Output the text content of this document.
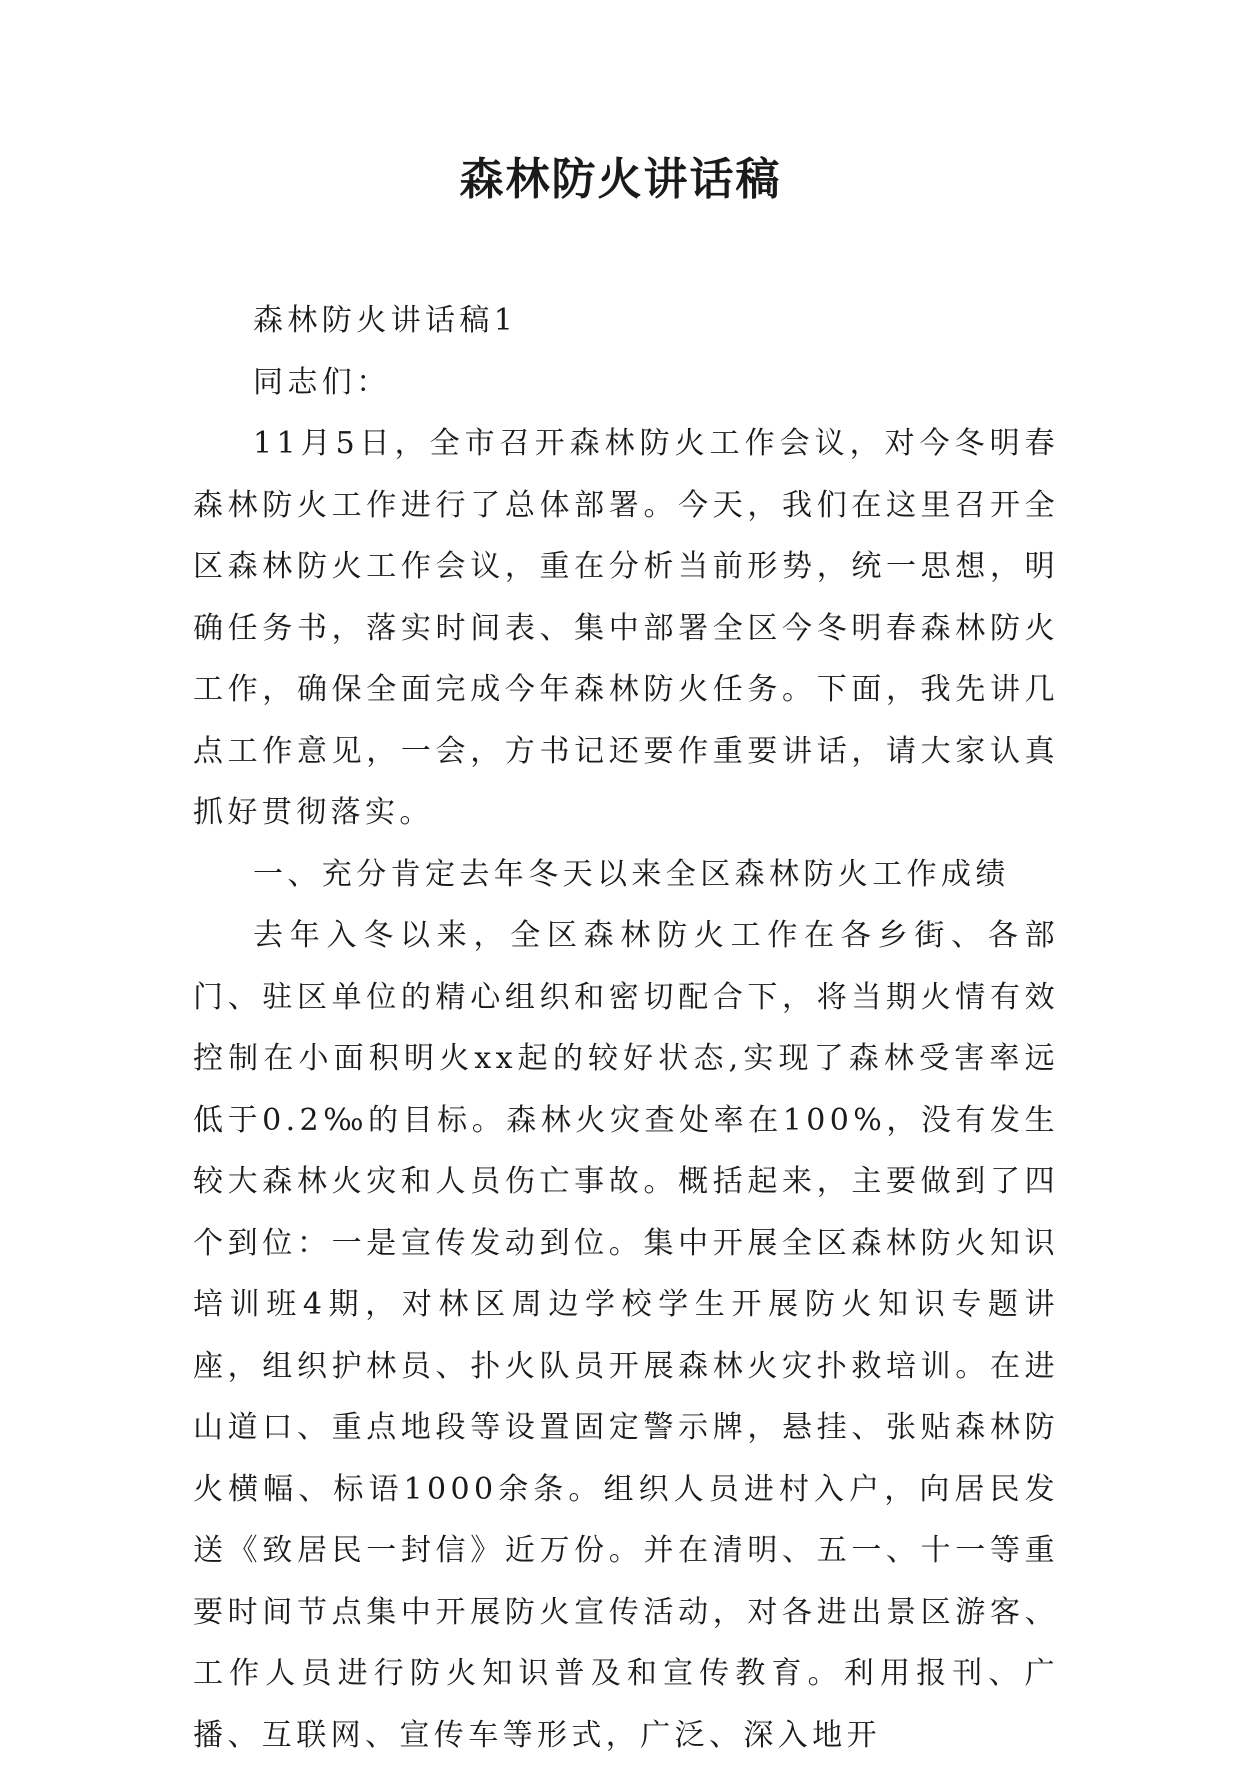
森林防火讲话稿

森林防火讲话稿1

同志们：

11月5日，全市召开森林防火工作会议，对今冬明春森林防火工作进行了总体部署。今天，我们在这里召开全区森林防火工作会议，重在分析当前形势，统一思想，明确任务书，落实时间表、集中部署全区今冬明春森林防火工作，确保全面完成今年森林防火任务。下面，我先讲几点工作意见，一会，方书记还要作重要讲话，请大家认真抓好贯彻落实。

一、充分肯定去年冬天以来全区森林防火工作成绩

去年入冬以来，全区森林防火工作在各乡街、各部门、驻区单位的精心组织和密切配合下，将当期火情有效控制在小面积明火xx起的较好状态,实现了森林受害率远低于0.2‰的目标。森林火灾查处率在100%，没有发生较大森林火灾和人员伤亡事故。概括起来，主要做到了四个到位：一是宣传发动到位。集中开展全区森林防火知识培训班4期，对林区周边学校学生开展防火知识专题讲座，组织护林员、扑火队员开展森林火灾扑救培训。在进山道口、重点地段等设置固定警示牌，悬挂、张贴森林防火横幅、标语1000余条。组织人员进村入户，向居民发送《致居民一封信》近万份。并在清明、五一、十一等重要时间节点集中开展防火宣传活动，对各进出景区游客、工作人员进行防火知识普及和宣传教育。利用报刊、广播、互联网、宣传车等形式，广泛、深入地开
